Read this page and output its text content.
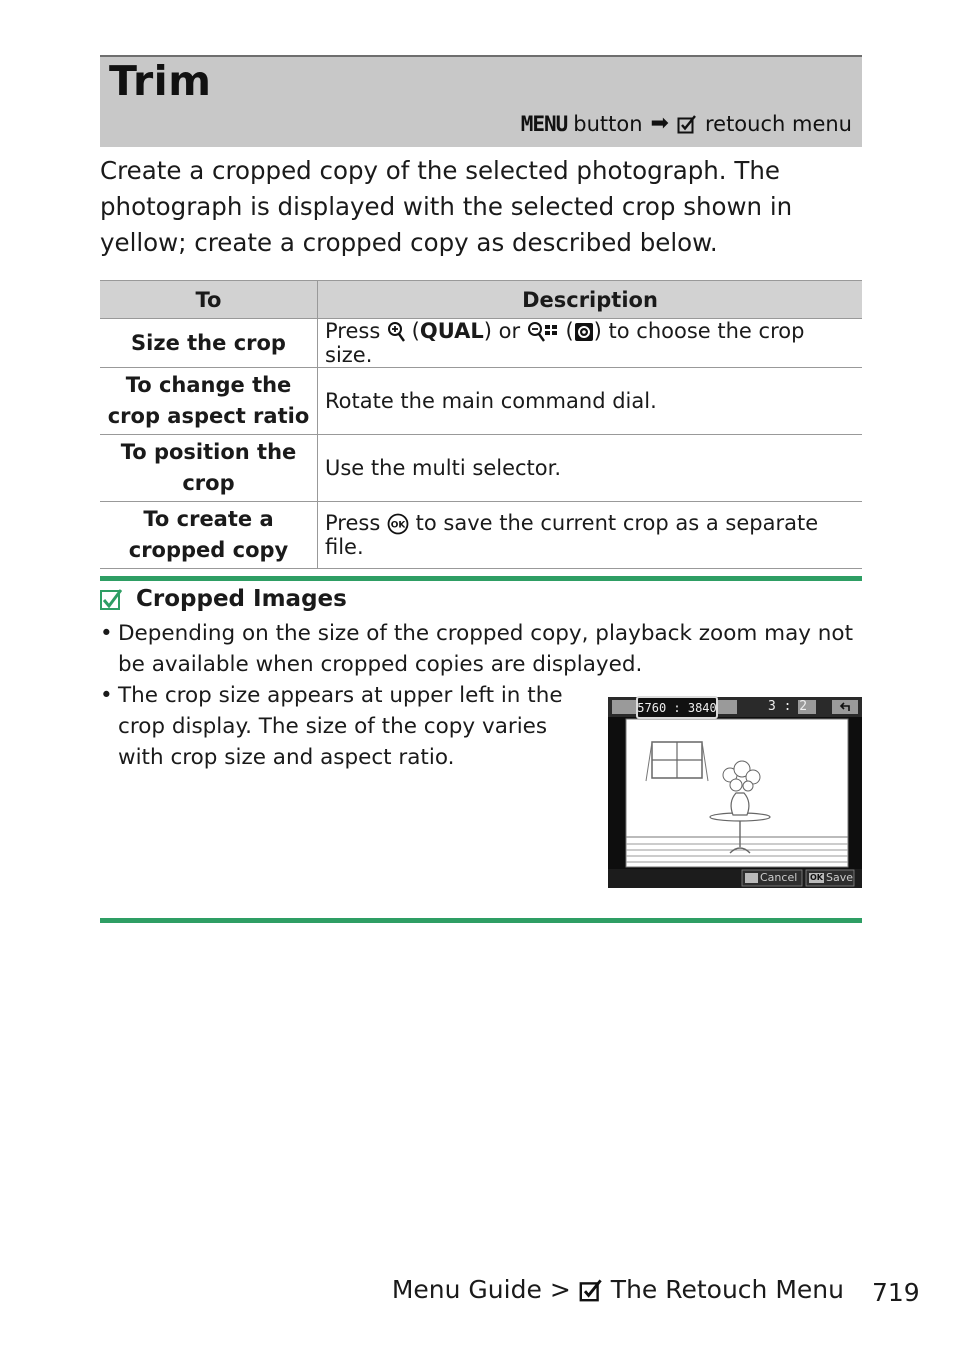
Trim
MENU button ➡ retouch menu
Create a cropped copy of the selected photograph. The photograph is displayed with the selected crop shown in yellow; create a cropped copy as described below.
To	Description
Size the crop	Press  (QUAL) or  ( ) to choose the crop size.
To change the crop aspect ratio	Rotate the main command dial.
To position the crop	Use the multi selector.
To create a cropped copy	Press OK to save the current crop as a separate file.
Cropped Images
• Depending on the size of the cropped copy, playback zoom may not be available when cropped copies are displayed.
• The crop size appears at upper left in the crop display. The size of the copy varies with crop size and aspect ratio.
5760 : 3840	3 : 2
Cancel OK Save
Menu Guide > The Retouch Menu 719
